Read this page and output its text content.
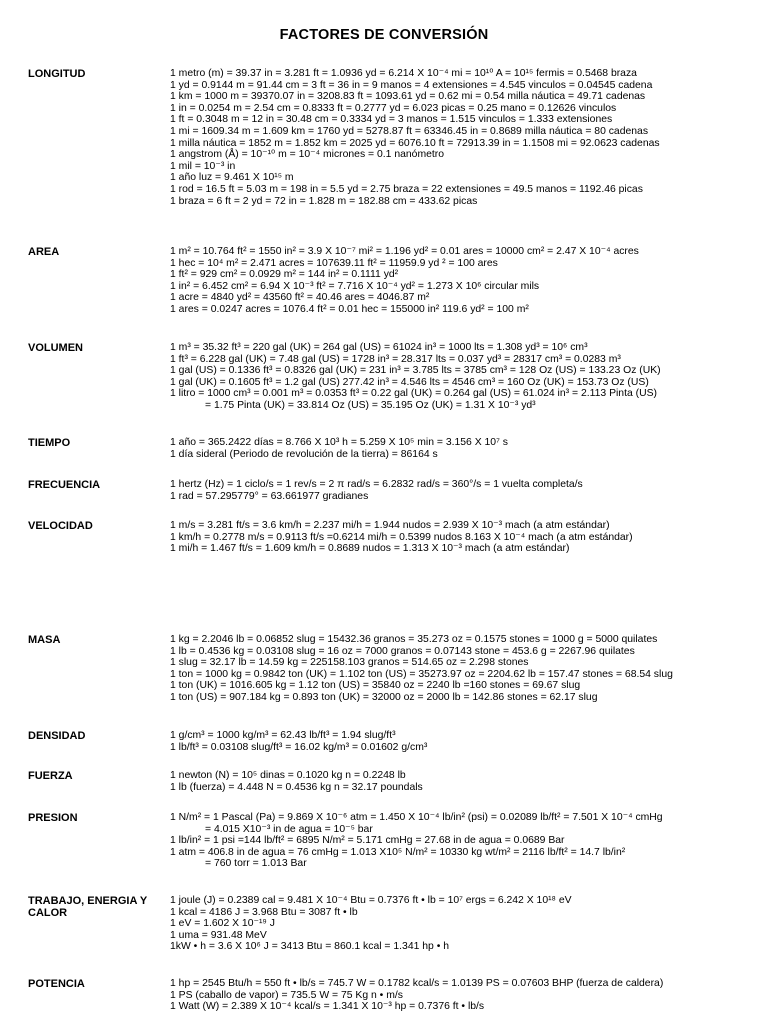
FACTORES DE CONVERSIÓN
LONGITUD	1 metro (m) = 39.37 in = 3.281 ft = 1.0936 yd = 6.214 X 10⁻⁴ mi = 10¹⁰ A = 10¹⁵ fermis = 0.5468 braza
1 yd = 0.9144 m = 91.44 cm = 3 ft = 36 in = 9 manos = 4 extensiones = 4.545 vinculos = 0.04545 cadena
1 km = 1000 m = 39370.07 in = 3208.83 ft = 1093.61 yd = 0.62 mi = 0.54 milla náutica = 49.71 cadenas
1 in = 0.0254 m = 2.54 cm = 0.8333 ft = 0.2777 yd = 6.023 picas = 0.25 mano = 0.12626 vinculos
1 ft = 0.3048 m = 12 in = 30.48 cm = 0.3334 yd = 3 manos = 1.515 vinculos = 1.333 extensiones
1 mi = 1609.34 m = 1.609 km = 1760 yd = 5278.87 ft = 63346.45 in = 0.8689 milla náutica = 80 cadenas
1 milla náutica = 1852 m = 1.852 km = 2025 yd = 6076.10 ft = 72913.39 in = 1.1508 mi = 92.0623 cadenas
1 angstrom (Å) = 10⁻¹⁰ m = 10⁻⁴ micrones = 0.1 nanómetro
1 mil = 10⁻³ in
1 año luz = 9.461 X 10¹⁵ m
1 rod = 16.5 ft = 5.03 m = 198 in = 5.5 yd = 2.75 braza = 22 extensiones = 49.5 manos = 1192.46 picas
1 braza = 6 ft = 2 yd = 72 in = 1.828 m = 182.88 cm = 433.62 picas
AREA	1 m² = 10.764 ft² = 1550 in² = 3.9 X 10⁻⁷ mi² = 1.196 yd² = 0.01 ares = 10000 cm² = 2.47 X 10⁻⁴ acres
1 hec = 10⁴ m² = 2.471 acres = 107639.11 ft² = 11959.9 yd ² = 100 ares
1 ft² = 929 cm² = 0.0929 m² = 144 in² = 0.1111 yd²
1 in² = 6.452 cm² = 6.94 X 10⁻³ ft² = 7.716 X 10⁻⁴ yd² = 1.273 X 10⁶ circular mils
1 acre = 4840 yd² = 43560 ft² = 40.46 ares = 4046.87 m²
1 ares = 0.0247 acres = 1076.4 ft² = 0.01 hec = 155000 in² 119.6 yd² = 100 m²
VOLUMEN	1 m³ = 35.32 ft³ = 220 gal (UK) = 264 gal (US) = 61024 in³ = 1000 lts = 1.308 yd³ = 10⁶ cm³
1 ft³ = 6.228 gal (UK) = 7.48 gal (US) = 1728 in³ = 28.317 lts = 0.037 yd³ = 28317 cm³ = 0.0283 m³
1 gal (US) = 0.1336 ft³ = 0.8326 gal (UK) = 231 in³ = 3.785 lts = 3785 cm³ = 128 Oz (US) = 133.23 Oz (UK)
1 gal (UK) = 0.1605 ft³ = 1.2 gal (US) 277.42 in³ = 4.546 lts = 4546 cm³ = 160 Oz (UK) = 153.73 Oz (US)
1 litro = 1000 cm³ = 0.001 m³ = 0.0353 ft³ = 0.22 gal (UK) = 0.264 gal (US) = 61.024 in³ = 2.113 Pinta (US)
= 1.75 Pinta (UK) = 33.814 Oz (US) = 35.195 Oz (UK) = 1.31 X 10⁻³ yd³
TIEMPO	1 año = 365.2422 días = 8.766 X 10³ h = 5.259 X 10⁵ min = 3.156 X 10⁷ s
1 día sideral (Periodo de revolución de la tierra) = 86164 s
FRECUENCIA	1 hertz (Hz) = 1 ciclo/s = 1 rev/s = 2 π rad/s = 6.2832 rad/s = 360°/s = 1 vuelta completa/s
1 rad = 57.295779° = 63.661977 gradianes
VELOCIDAD	1 m/s = 3.281 ft/s = 3.6 km/h = 2.237 mi/h = 1.944 nudos = 2.939 X 10⁻³ mach (a atm estándar)
1 km/h = 0.2778 m/s = 0.9113 ft/s =0.6214 mi/h = 0.5399 nudos 8.163 X 10⁻⁴ mach (a atm estándar)
1 mi/h = 1.467 ft/s = 1.609 km/h = 0.8689 nudos = 1.313 X 10⁻³ mach (a atm estándar)
MASA	1 kg = 2.2046 lb = 0.06852 slug = 15432.36 granos = 35.273 oz = 0.1575 stones = 1000 g = 5000 quilates
1 lb = 0.4536 kg = 0.03108 slug = 16 oz = 7000 granos = 0.07143 stone = 453.6 g = 2267.96 quilates
1 slug = 32.17 lb = 14.59 kg = 225158.103 granos = 514.65 oz = 2.298 stones
1 ton = 1000 kg = 0.9842 ton (UK) = 1.102 ton (US) = 35273.97 oz = 2204.62 lb = 157.47 stones = 68.54 slug
1 ton (UK) = 1016.605 kg = 1.12 ton (US) = 35840 oz = 2240 lb =160 stones = 69.67 slug
1 ton (US) = 907.184 kg = 0.893 ton (UK) = 32000 oz = 2000 lb = 142.86 stones = 62.17 slug
DENSIDAD	1 g/cm³ = 1000 kg/m³ = 62.43 lb/ft³ = 1.94 slug/ft³
1 lb/ft³ = 0.03108 slug/ft³ = 16.02 kg/m³ = 0.01602 g/cm³
FUERZA	1 newton (N) = 10⁵ dinas = 0.1020 kg n = 0.2248 lb
1 lb (fuerza) = 4.448 N = 0.4536 kg n = 32.17 poundals
PRESION	1 N/m² = 1 Pascal (Pa) = 9.869 X 10⁻⁶ atm = 1.450 X 10⁻⁴ lb/in² (psi) = 0.02089 lb/ft² = 7.501 X 10⁻⁴ cmHg
= 4.015 X10⁻³ in de agua = 10⁻⁵ bar
1 lb/in² = 1 psi =144 lb/ft² = 6895 N/m² = 5.171 cmHg = 27.68 in de agua = 0.0689 Bar
1 atm = 406.8 in de agua = 76 cmHg = 1.013 X10⁵ N/m² = 10330 kg wt/m² = 2116 lb/ft² = 14.7 lb/in²
= 760 torr = 1.013 Bar
TRABAJO, ENERGIA Y CALOR
1 joule (J) = 0.2389 cal = 9.481 X 10⁻⁴ Btu = 0.7376 ft • lb = 10⁷ ergs = 6.242 X 10¹⁸ eV
1 kcal = 4186 J = 3.968 Btu = 3087 ft • lb
1 eV = 1.602 X 10⁻¹⁹ J
1 uma = 931.48 MeV
1kW • h = 3.6 X 10⁶ J = 3413 Btu = 860.1 kcal = 1.341 hp • h
POTENCIA	1 hp = 2545 Btu/h = 550 ft • lb/s = 745.7 W = 0.1782 kcal/s = 1.0139 PS = 0.07603 BHP (fuerza de caldera)
1 PS (caballo de vapor) = 735.5 W = 75 Kg n • m/s
1 Watt (W) = 2.389 X 10⁻⁴ kcal/s = 1.341 X 10⁻³ hp = 0.7376 ft • lb/s
